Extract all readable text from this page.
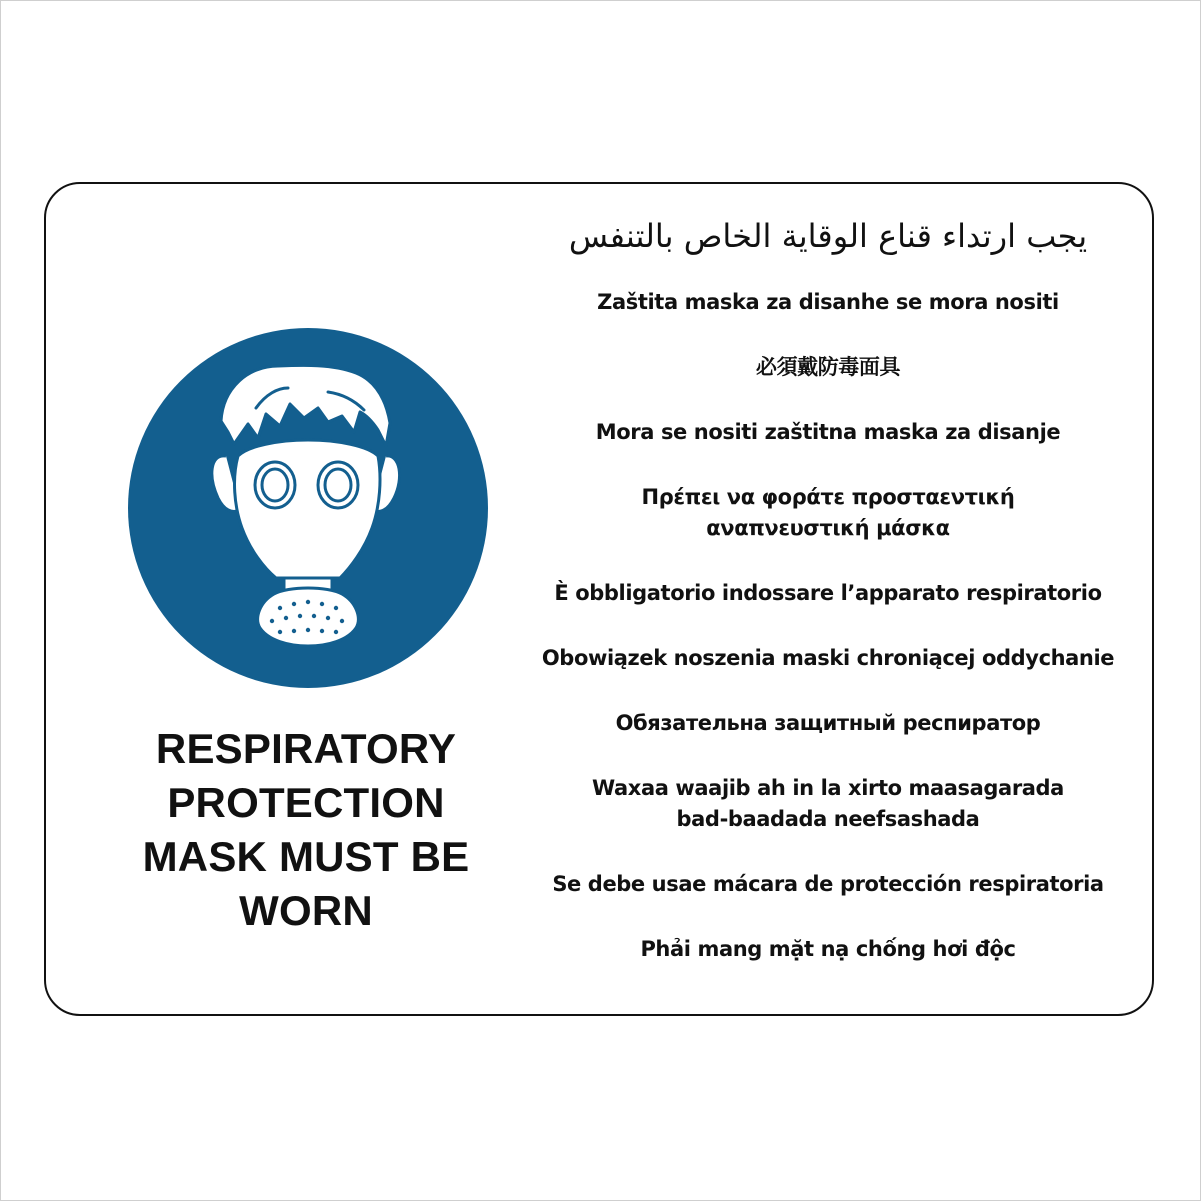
RESPIRATORY PROTECTION MASK MUST BE WORN
يجب ارتداء قناع الوقاية الخاص بالتنفس
Zaštita maska za disanhe se mora nositi
必須戴防毒面具
Mora se nositi zaštitna maska za disanje
Πρέπει να φοράτε προσταεντική αναπνευστική μάσκα
È obbligatorio indossare l’apparato respiratorio
Obowiązek noszenia maski chroniącej oddychanie
Обязательна защитный респиратор
Waxaa waajib ah in la xirto maasagarada bad-baadada neefsashada
Se debe usae mácara de protección respiratoria
Phải mang mặt nạ chống hơi độc
